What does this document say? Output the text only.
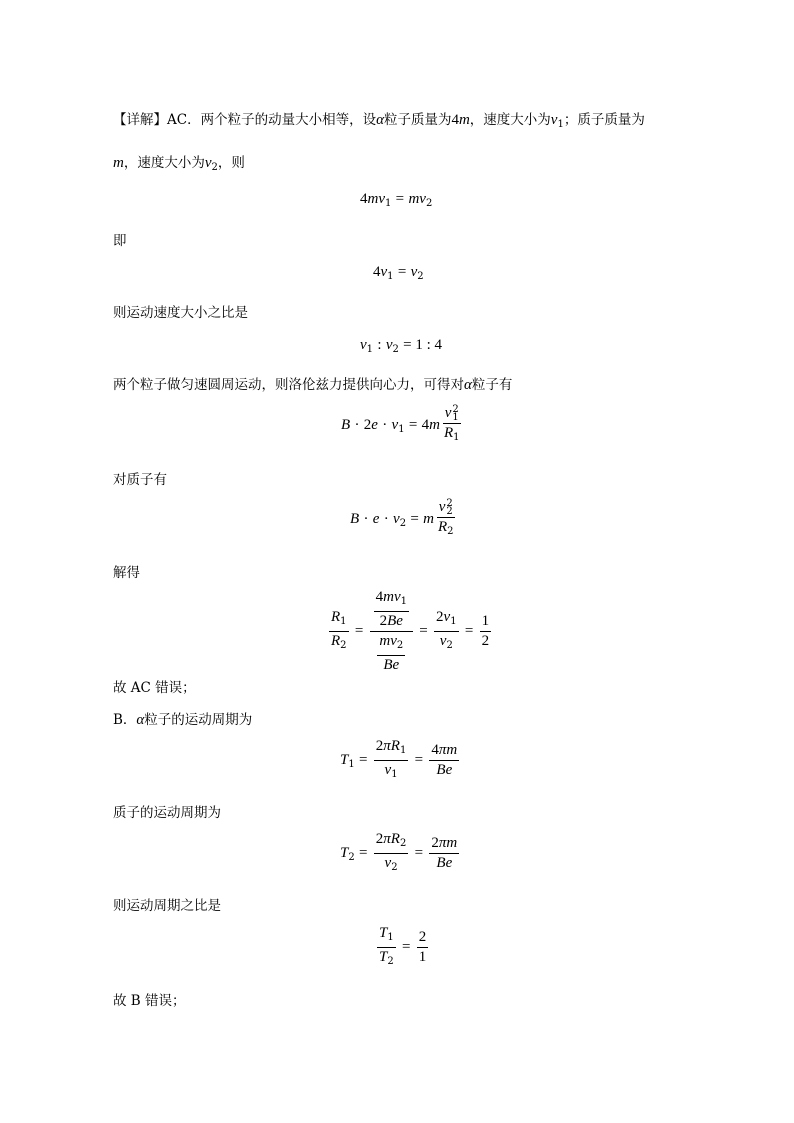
【详解】AC．两个粒子的动量大小相等，设α粒子质量为4m，速度大小为$v_1$；质子质量为
m，速度大小为$v_2$，则
$4mv_1 = mv_2$
即
$4v_1 = v_2$
则运动速度大小之比是
$v_1$ : $v_2 = 1$ : 4
两个粒子做匀速圆周运动，则洛伦兹力提供向心力，可得对α粒子有
$B \cdot 2e \cdot v_1 = 4m$ v 2
1
$R_1$
对质子有
$B \cdot e \cdot v_2 = m$ v 2
2
$R_2$
解得
$\frac{R_1}{R_2} = \frac{\frac{4mv_1}{2Be}}{\frac{mv_2}{Be}} = \frac{2v_1}{v_2} = \frac{1}{2}$
故 AC 错误；
B．α粒子的运动周期为
$T_1 = \frac{2\pi R_1}{v_1} = \frac{4\pi m}{Be}$
质子的运动周期为
$T_2 = \frac{2\pi R_2}{v_2} = \frac{2\pi m}{Be}$
则运动周期之比是
$\frac{T_1}{T_2} = \frac{2}{1}$
故 B 错误；
